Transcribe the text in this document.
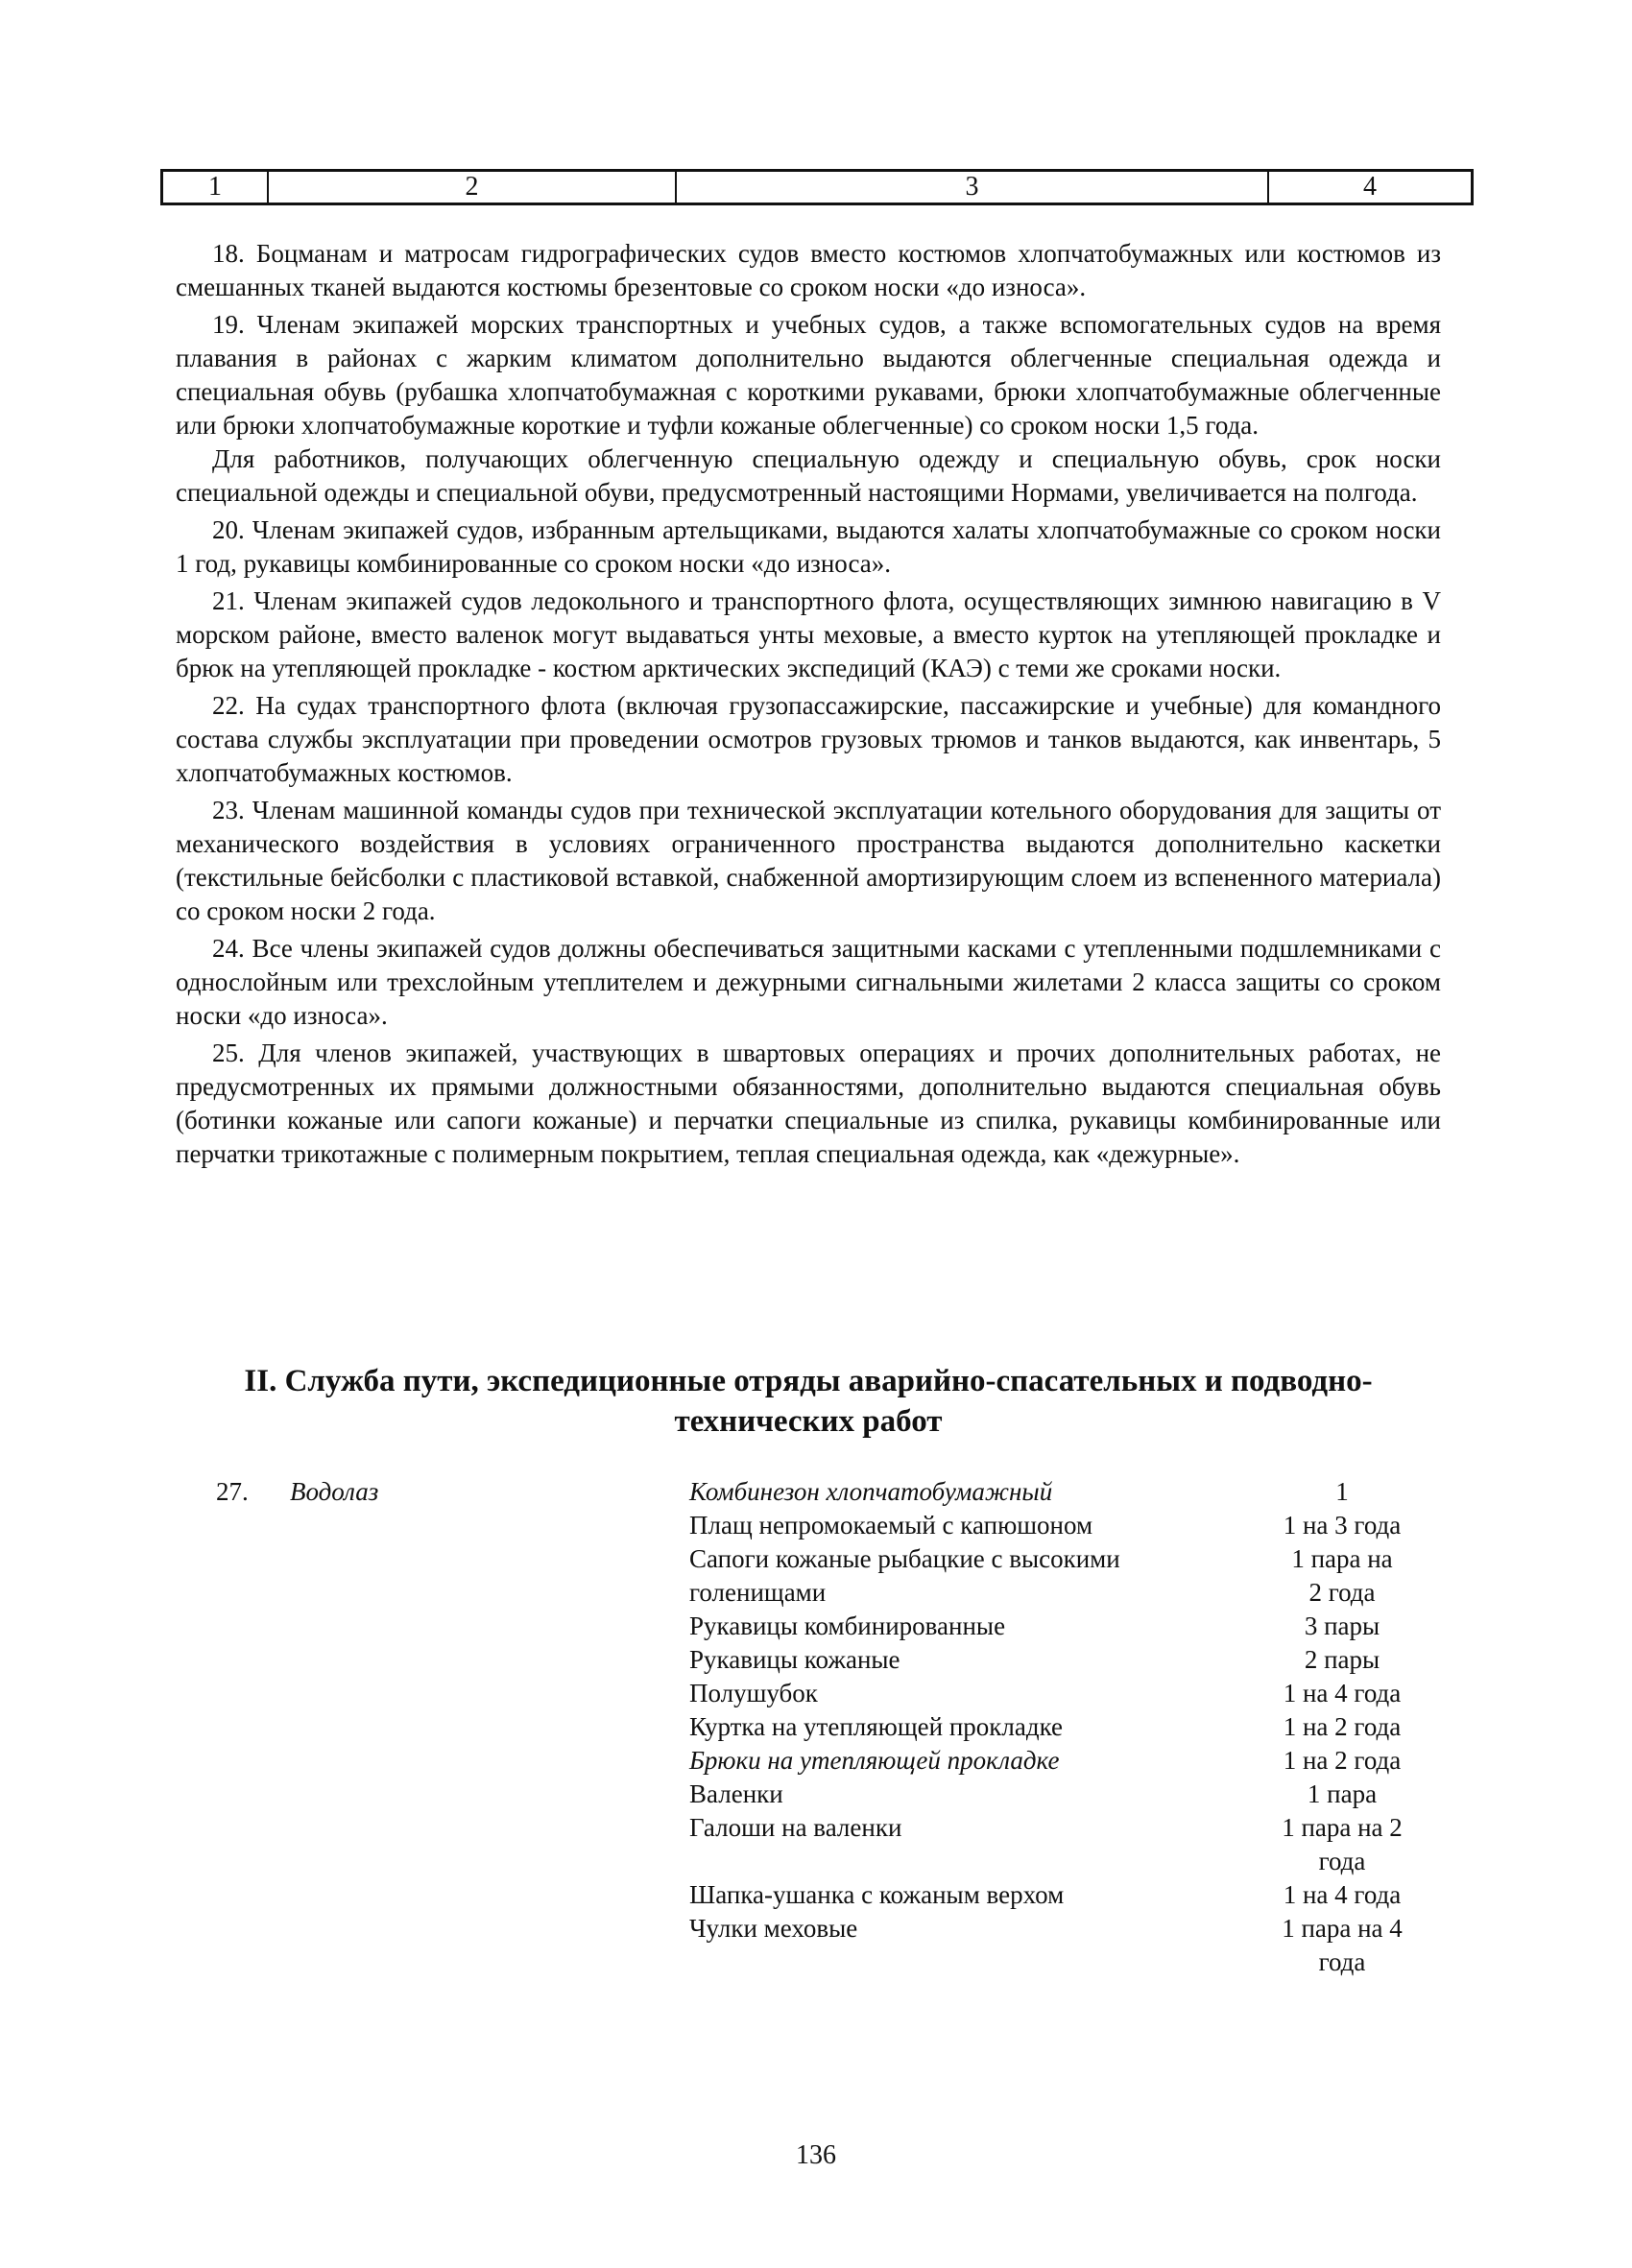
1	2	3	4

18. Боцманам и матросам гидрографических судов вместо костюмов хлопчатобумажных или костюмов из смешанных тканей выдаются костюмы брезентовые со сроком носки «до износа».

19. Членам экипажей морских транспортных и учебных судов, а также вспомогательных судов на время плавания в районах с жарким климатом дополнительно выдаются облегченные специальная одежда и специальная обувь (рубашка хлопчатобумажная с короткими рукавами, брюки хлопчатобумажные облегченные или брюки хлопчатобумажные короткие и туфли кожаные облегченные) со сроком носки 1,5 года.

Для работников, получающих облегченную специальную одежду и специальную обувь, срок носки специальной одежды и специальной обуви, предусмотренный настоящими Нормами, увеличивается на полгода.

20. Членам экипажей судов, избранным артельщиками, выдаются халаты хлопчатобумажные со сроком носки 1 год, рукавицы комбинированные со сроком носки «до износа».

21. Членам экипажей судов ледокольного и транспортного флота, осуществляющих зимнюю навигацию в V морском районе, вместо валенок могут выдаваться унты меховые, а вместо курток на утепляющей прокладке и брюк на утепляющей прокладке - костюм арктических экспедиций (КАЭ) с теми же сроками носки.

22. На судах транспортного флота (включая грузопассажирские, пассажирские и учебные) для командного состава службы эксплуатации при проведении осмотров грузовых трюмов и танков выдаются, как инвентарь, 5 хлопчатобумажных костюмов.

23. Членам машинной команды судов при технической эксплуатации котельного оборудования для защиты от механического воздействия в условиях ограниченного пространства выдаются дополнительно каскетки (текстильные бейсболки с пластиковой вставкой, снабженной амортизирующим слоем из вспененного материала) со сроком носки 2 года.

24. Все члены экипажей судов должны обеспечиваться защитными касками с утепленными подшлемниками с однослойным или трехслойным утеплителем и дежурными сигнальными жилетами 2 класса защиты со сроком носки «до износа».

25. Для членов экипажей, участвующих в швартовых операциях и прочих дополнительных работах, не предусмотренных их прямыми должностными обязанностями, дополнительно выдаются специальная обувь (ботинки кожаные или сапоги кожаные) и перчатки специальные из спилка, рукавицы комбинированные или перчатки трикотажные с полимерным покрытием, теплая специальная одежда, как «дежурные».

II. Служба пути, экспедиционные отряды аварийно-спасательных и подводно-технических работ
27. Водолаз	Комбинезон хлопчатобумажный	1
Плащ непромокаемый с капюшоном	1 на 3 года
Сапоги кожаные рыбацкие с высокими	1 пара на
голенищами	2 года
Рукавицы комбинированные	3 пары
Рукавицы кожаные	2 пары
Полушубок	1 на 4 года
Куртка на утепляющей прокладке	1 на 2 года
Брюки на утепляющей прокладке	1 на 2 года
Валенки	1 пара
Галоши на валенки	1 пара на 2
года
Шапка-ушанка с кожаным верхом	1 на 4 года
Чулки меховые	1 пара на 4
года
136
